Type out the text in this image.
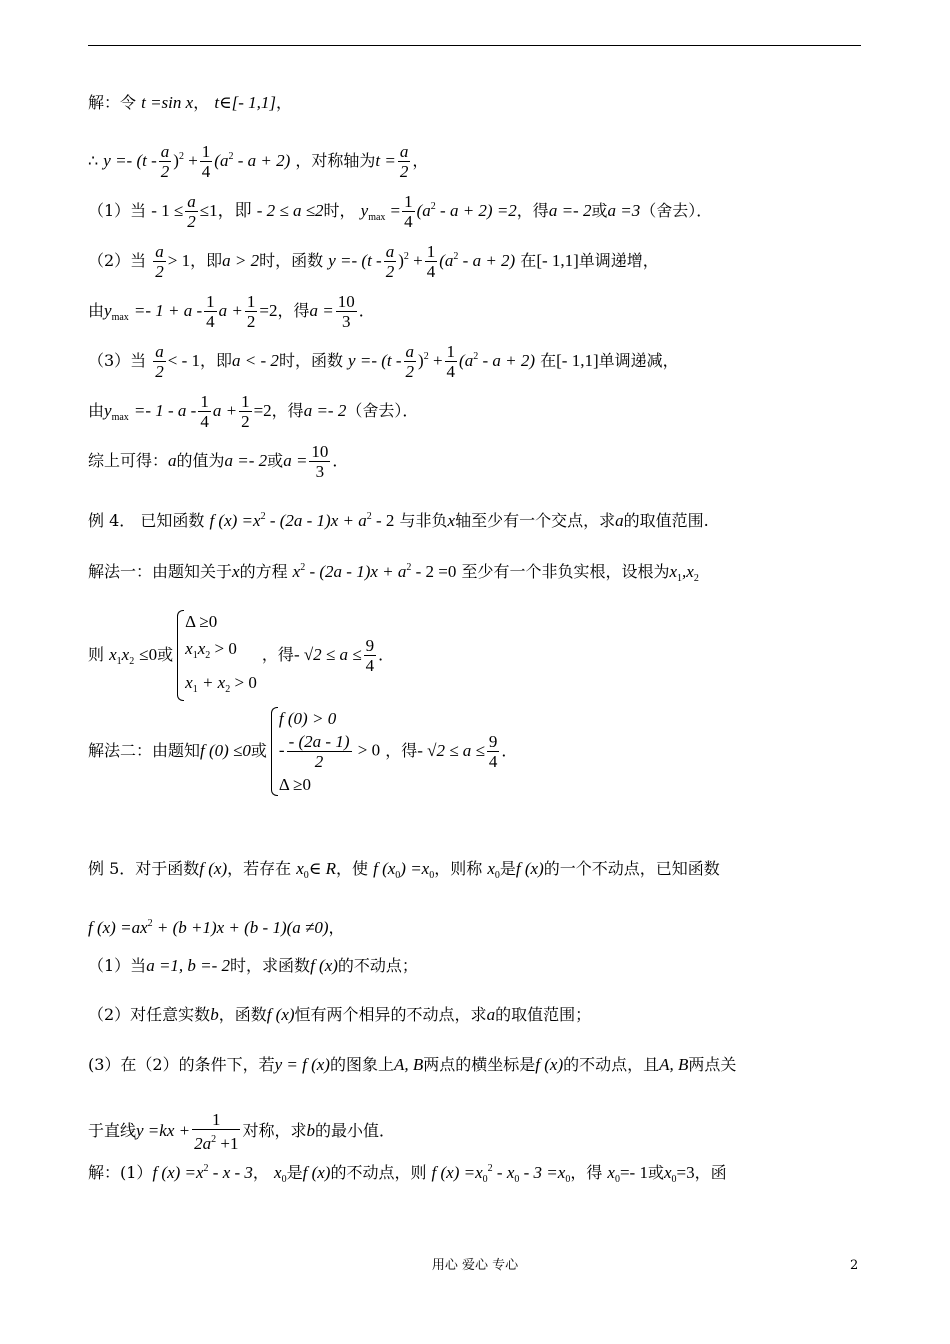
解：令 t =sin x， t∈[- 1,1]，
∴ $y =- (t - \frac{a}{2} )^2 + \frac{1}{4} (a^2 - a + 2)$ ，对称轴为$t = \frac{a}{2}$ ，
（1）当 - $1 \le \frac{a}{2} \le 1$，即 - 2 ≤ a ≤2时， $y_{max} = \frac{1}{4} (a^2 - a + 2) =2$，得a =- 2或a =3（舍去）．
（2）当 $\frac{a}{2} > 1$，即a > 2时，函数 $y =- (t - \frac{a}{2} )^2 + \frac{1}{4} (a^2 - a + 2)$ 在[- 1,1]单调递增，
由$y_{max} =- 1 + a - \frac{1}{4}$ $a + \frac{1}{2} =2$，得$a = \frac{10}{3}$ ．
（3）当 $\frac{a}{2}$ < - 1，即a < - 2时，函数 $y =- (t - \frac{a}{2} )^2 + \frac{1}{4} (a^2 - a + 2)$ 在[- 1,1]单调递减，
由$y_{max} =- 1 - a - \frac{1}{4}$ $a + \frac{1}{2} =2$，得a =- 2（舍去）．
综上可得：a的值为a =- 2或$a = \frac{10}{3}$ ．
例 4． 已知函数 f $(x) =x^2 - (2a - 1)x + a^2 - 2$ 与非负x轴至少有一个交点，求a的取值范围.
解法一：由题知关于x的方程 $x^2 - (2a - 1)x + a^2 - 2 =0$ 至少有一个非负实根，设根为$x_1,x_2$
则 $x_1x_2 \le 0$或
Δ ≥0
$x_1x_2 > 0$
$x_1 + x_2 > 0$
，得- $√2 \le a \le \frac{9}{4}$ ．
解法二：由题知f (0) ≤0或
f (0) > 0
- $\frac{- (2a - 1)}{2} > 0$
Δ ≥0
，得- $√2 \le a \le \frac{9}{4}$ ．
例 5．对于函数f (x)，若存在 $x_0\in$ R，使 f $(x_0) =x_0$，则称 $x_0$是f (x)的一个不动点，已知函数
f $(x) =ax^2 + (b +1)x + (b - 1)(a \ne 0)$，
（1）当a =1, b =- 2时，求函数f (x)的不动点；
（2）对任意实数b，函数f (x)恒有两个相异的不动点，求a的取值范围；
(3）在（2）的条件下，若y = f (x)的图象上A, B两点的横坐标是f (x)的不动点，且A, B两点关
于直线$y =kx + \frac{1}{2a^2 +1}$ 对称，求b的最小值．
解：(1）f $(x) =x^2 - x - 3$， $x_0$是f (x)的不动点，则 f $(x) =x_0^2 - x_0 - 3 =x_0$，得 $x_0=-$ 1或$x_0=3$，函
用心 爱心 专心	2
